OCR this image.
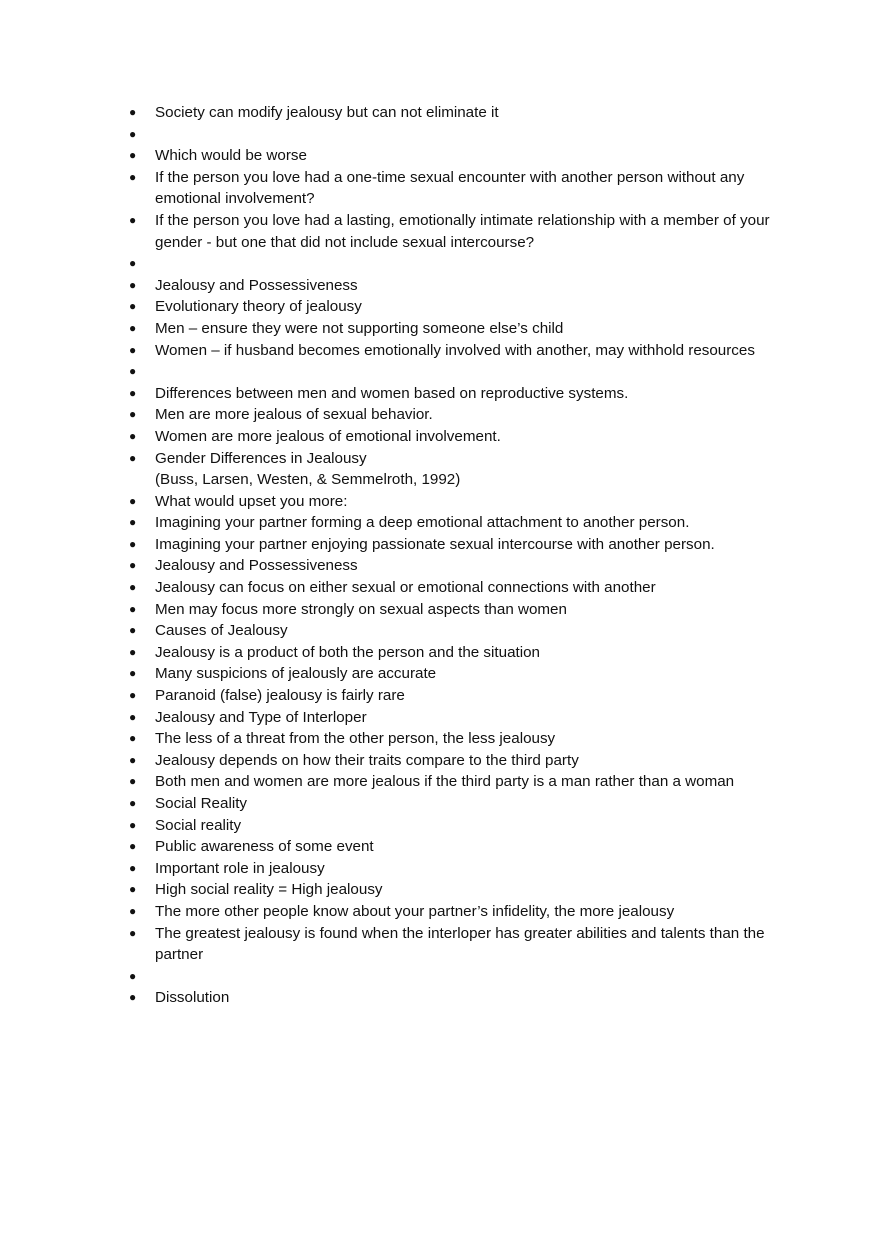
● Society can modify jealousy but can not eliminate it
●
● Which would be worse
● If the person you love had a one-time sexual encounter with another person without any emotional involvement?
● If the person you love had a lasting, emotionally intimate relationship with a member of your gender - but one that did not include sexual intercourse?
●
● Jealousy and Possessiveness
● Evolutionary theory of jealousy
● Men – ensure they were not supporting someone else’s child
● Women – if husband becomes emotionally involved with another, may withhold resources
●
● Differences between men and women based on reproductive systems.
● Men are more jealous of sexual behavior.
● Women are more jealous of emotional involvement.
● Gender Differences in Jealousy
(Buss, Larsen, Westen, & Semmelroth, 1992)
● What would upset you more:
● Imagining your partner forming a deep emotional attachment to another person.
● Imagining your partner enjoying passionate sexual intercourse with another person.
● Jealousy and Possessiveness
● Jealousy can focus on either sexual or emotional connections with another
● Men may focus more strongly on sexual aspects than women
● Causes of Jealousy
● Jealousy is a product of both the person and the situation
● Many suspicions of jealously are accurate
● Paranoid (false) jealousy is fairly rare
● Jealousy and Type of Interloper
● The less of a threat from the other person, the less jealousy
● Jealousy depends on how their traits compare to the third party
● Both men and women are more jealous if the third party is a man rather than a woman
● Social Reality
● Social reality
● Public awareness of some event
● Important role in jealousy
● High social reality = High jealousy
● The more other people know about your partner’s infidelity, the more jealousy
● The greatest jealousy is found when the interloper has greater abilities and talents than the partner
●
● Dissolution
